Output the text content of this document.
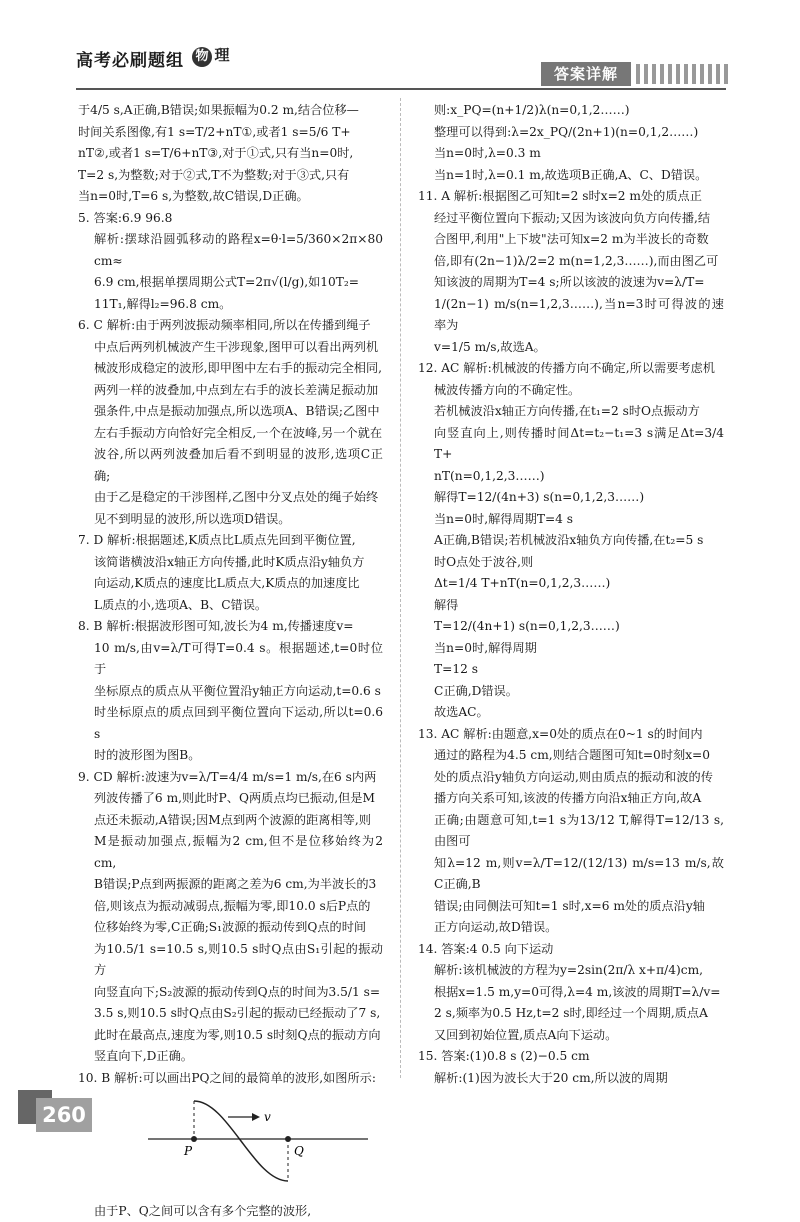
高考必刷题组 物 理
答案详解

于4/5 s,A正确,B错误;如果振幅为0.2 m,结合位移—

时间关系图像,有1 s=T/2+nT①,或者1 s=5/6 T+

nT②,或者1 s=T/6+nT③,对于①式,只有当n=0时,

T=2 s,为整数;对于②式,T不为整数;对于③式,只有

当n=0时,T=6 s,为整数,故C错误,D正确。

5. 答案:6.9 96.8

解析:摆球沿圆弧移动的路程x=θ·l=5/360×2π×80 cm≈

6.9 cm,根据单摆周期公式T=2π√(l/g),如10T₂=

11T₁,解得l₂=96.8 cm。

6. C 解析:由于两列波振动频率相同,所以在传播到绳子

中点后两列机械波产生干涉现象,图甲可以看出两列机

械波形成稳定的波形,即甲图中左右手的振动完全相同,

两列一样的波叠加,中点到左右手的波长差满足振动加

强条件,中点是振动加强点,所以选项A、B错误;乙图中

左右手振动方向恰好完全相反,一个在波峰,另一个就在

波谷,所以两列波叠加后看不到明显的波形,选项C正确;

由于乙是稳定的干涉图样,乙图中分叉点处的绳子始终

见不到明显的波形,所以选项D错误。

7. D 解析:根据题述,K质点比L质点先回到平衡位置,

该简谐横波沿x轴正方向传播,此时K质点沿y轴负方

向运动,K质点的速度比L质点大,K质点的加速度比

L质点的小,选项A、B、C错误。

8. B 解析:根据波形图可知,波长为4 m,传播速度v=

10 m/s,由v=λ/T可得T=0.4 s。根据题述,t=0时位于

坐标原点的质点从平衡位置沿y轴正方向运动,t=0.6 s

时坐标原点的质点回到平衡位置向下运动,所以t=0.6 s

时的波形图为图B。

9. CD 解析:波速为v=λ/T=4/4 m/s=1 m/s,在6 s内两

列波传播了6 m,则此时P、Q两质点均已振动,但是M

点还未振动,A错误;因M点到两个波源的距离相等,则

M是振动加强点,振幅为2 cm,但不是位移始终为2 cm,

B错误;P点到两振源的距离之差为6 cm,为半波长的3

倍,则该点为振动减弱点,振幅为零,即10.0 s后P点的

位移始终为零,C正确;S₁波源的振动传到Q点的时间

为10.5/1 s=10.5 s,则10.5 s时Q点由S₁引起的振动方

向竖直向下;S₂波源的振动传到Q点的时间为3.5/1 s=

3.5 s,则10.5 s时Q点由S₂引起的振动已经振动了7 s,

此时在最高点,速度为零,则10.5 s时刻Q点的振动方向

竖直向下,D正确。

10. B 解析:可以画出PQ之间的最简单的波形,如图所示:

P	Q
v

由于P、Q之间可以含有多个完整的波形,

则:x_PQ=(n+1/2)λ(n=0,1,2……)

整理可以得到:λ=2x_PQ/(2n+1)(n=0,1,2……)

当n=0时,λ=0.3 m

当n=1时,λ=0.1 m,故选项B正确,A、C、D错误。

11. A 解析:根据图乙可知t=2 s时x=2 m处的质点正

经过平衡位置向下振动;又因为该波向负方向传播,结

合图甲,利用"上下坡"法可知x=2 m为半波长的奇数

倍,即有(2n−1)λ/2=2 m(n=1,2,3……),而由图乙可

知该波的周期为T=4 s;所以该波的波速为v=λ/T=

1/(2n−1) m/s(n=1,2,3……),当n=3时可得波的速率为

v=1/5 m/s,故选A。

12. AC 解析:机械波的传播方向不确定,所以需要考虑机

械波传播方向的不确定性。

若机械波沿x轴正方向传播,在t₁=2 s时O点振动方

向竖直向上,则传播时间Δt=t₂−t₁=3 s满足Δt=3/4 T+

nT(n=0,1,2,3……)

解得T=12/(4n+3) s(n=0,1,2,3……)

当n=0时,解得周期T=4 s

A正确,B错误;若机械波沿x轴负方向传播,在t₂=5 s

时O点处于波谷,则

Δt=1/4 T+nT(n=0,1,2,3……)

解得

T=12/(4n+1) s(n=0,1,2,3……)

当n=0时,解得周期

T=12 s

C正确,D错误。

故选AC。

13. AC 解析:由题意,x=0处的质点在0~1 s的时间内

通过的路程为4.5 cm,则结合题图可知t=0时刻x=0

处的质点沿y轴负方向运动,则由质点的振动和波的传

播方向关系可知,该波的传播方向沿x轴正方向,故A

正确;由题意可知,t=1 s为13/12 T,解得T=12/13 s,由图可

知λ=12 m,则v=λ/T=12/(12/13) m/s=13 m/s,故C正确,B

错误;由同侧法可知t=1 s时,x=6 m处的质点沿y轴

正方向运动,故D错误。

14. 答案:4 0.5 向下运动

解析:该机械波的方程为y=2sin(2π/λ x+π/4)cm,

根据x=1.5 m,y=0可得,λ=4 m,该波的周期T=λ/v=

2 s,频率为0.5 Hz,t=2 s时,即经过一个周期,质点A

又回到初始位置,质点A向下运动。

15. 答案:(1)0.8 s (2)−0.5 cm

解析:(1)因为波长大于20 cm,所以波的周期

260
